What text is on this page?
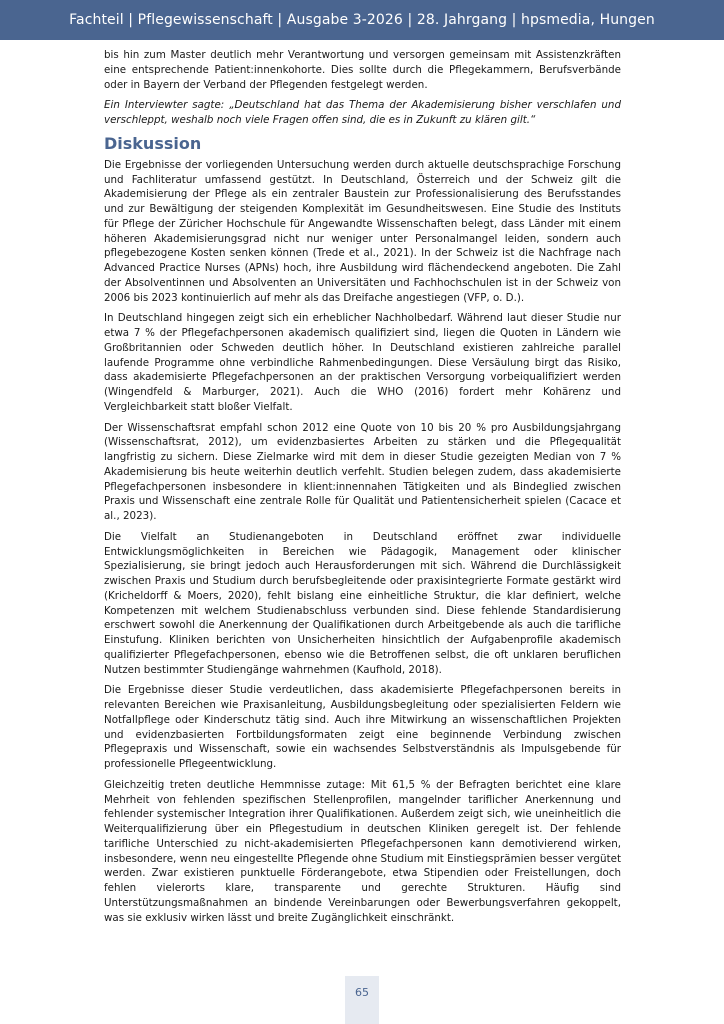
Fachteil | Pflegewissenschaft | Ausgabe 3-2026 | 28. Jahrgang | hpsmedia, Hungen

bis hin zum Master deutlich mehr Verantwortung und versorgen gemeinsam mit Assistenzkräften eine entsprechende Patient:innenkohorte. Dies sollte durch die Pflegekammern, Berufsverbände oder in Bayern der Verband der Pflegenden festgelegt werden.

Ein Interviewter sagte: „Deutschland hat das Thema der Akademisierung bisher verschlafen und verschleppt, weshalb noch viele Fragen offen sind, die es in Zukunft zu klären gilt.“

Diskussion

Die Ergebnisse der vorliegenden Untersuchung werden durch aktuelle deutschsprachige Forschung und Fachliteratur umfassend gestützt. In Deutschland, Österreich und der Schweiz gilt die Akademisierung der Pflege als ein zentraler Baustein zur Professionalisierung des Berufsstandes und zur Bewältigung der steigenden Komplexität im Gesundheitswesen. Eine Studie des Instituts für Pflege der Züricher Hochschule für Angewandte Wissenschaften belegt, dass Länder mit einem höheren Akademisierungsgrad nicht nur weniger unter Personalmangel leiden, sondern auch pflegebezogene Kosten senken können (Trede et al., 2021). In der Schweiz ist die Nachfrage nach Advanced Practice Nurses (APNs) hoch, ihre Ausbildung wird flächendeckend angeboten. Die Zahl der Absolventinnen und Absolventen an Universitäten und Fachhochschulen ist in der Schweiz von 2006 bis 2023 kontinuierlich auf mehr als das Dreifache angestiegen (VFP, o. D.).

In Deutschland hingegen zeigt sich ein erheblicher Nachholbedarf. Während laut dieser Studie nur etwa 7 % der Pflegefachpersonen akademisch qualifiziert sind, liegen die Quoten in Ländern wie Großbritannien oder Schweden deutlich höher. In Deutschland existieren zahlreiche parallel laufende Programme ohne verbindliche Rahmenbedingungen. Diese Versäulung birgt das Risiko, dass akademisierte Pflegefachpersonen an der praktischen Versorgung vorbeiqualifiziert werden (Wingendfeld & Marburger, 2021). Auch die WHO (2016) fordert mehr Kohärenz und Vergleichbarkeit statt bloßer Vielfalt.

Der Wissenschaftsrat empfahl schon 2012 eine Quote von 10 bis 20 % pro Ausbildungsjahrgang (Wissenschaftsrat, 2012), um evidenzbasiertes Arbeiten zu stärken und die Pflegequalität langfristig zu sichern. Diese Zielmarke wird mit dem in dieser Studie gezeigten Median von 7 % Akademisierung bis heute weiterhin deutlich verfehlt. Studien belegen zudem, dass akademisierte Pflegefachpersonen insbesondere in klient:innennahen Tätigkeiten und als Bindeglied zwischen Praxis und Wissenschaft eine zentrale Rolle für Qualität und Patientensicherheit spielen (Cacace et al., 2023).

Die Vielfalt an Studienangeboten in Deutschland eröffnet zwar individuelle Entwicklungsmöglichkeiten in Bereichen wie Pädagogik, Management oder klinischer Spezialisierung, sie bringt jedoch auch Herausforderungen mit sich. Während die Durchlässigkeit zwischen Praxis und Studium durch berufsbegleitende oder praxisintegrierte Formate gestärkt wird (Kricheldorff & Moers, 2020), fehlt bislang eine einheitliche Struktur, die klar definiert, welche Kompetenzen mit welchem Studienabschluss verbunden sind. Diese fehlende Standardisierung erschwert sowohl die Anerkennung der Qualifikationen durch Arbeitgebende als auch die tarifliche Einstufung. Kliniken berichten von Unsicherheiten hinsichtlich der Aufgabenprofile akademisch qualifizierter Pflegefachpersonen, ebenso wie die Betroffenen selbst, die oft unklaren beruflichen Nutzen bestimmter Studiengänge wahrnehmen (Kaufhold, 2018).

Die Ergebnisse dieser Studie verdeutlichen, dass akademisierte Pflegefachpersonen bereits in relevanten Bereichen wie Praxisanleitung, Ausbildungsbegleitung oder spezialisierten Feldern wie Notfallpflege oder Kinderschutz tätig sind. Auch ihre Mitwirkung an wissenschaftlichen Projekten und evidenzbasierten Fortbildungsformaten zeigt eine beginnende Verbindung zwischen Pflegepraxis und Wissenschaft, sowie ein wachsendes Selbstverständnis als Impulsgebende für professionelle Pflegeentwicklung.

Gleichzeitig treten deutliche Hemmnisse zutage: Mit 61,5 % der Befragten berichtet eine klare Mehrheit von fehlenden spezifischen Stellenprofilen, mangelnder tariflicher Anerkennung und fehlender systemischer Integration ihrer Qualifikationen. Außerdem zeigt sich, wie uneinheitlich die Weiterqualifizierung über ein Pflegestudium in deutschen Kliniken geregelt ist. Der fehlende tarifliche Unterschied zu nicht-akademisierten Pflegefachpersonen kann demotivierend wirken, insbesondere, wenn neu eingestellte Pflegende ohne Studium mit Einstiegsprämien besser vergütet werden. Zwar existieren punktuelle Förderangebote, etwa Stipendien oder Freistellungen, doch fehlen vielerorts klare, transparente und gerechte Strukturen. Häufig sind Unterstützungsmaßnahmen an bindende Vereinbarungen oder Bewerbungsverfahren gekoppelt, was sie exklusiv wirken lässt und breite Zugänglichkeit einschränkt.

65
